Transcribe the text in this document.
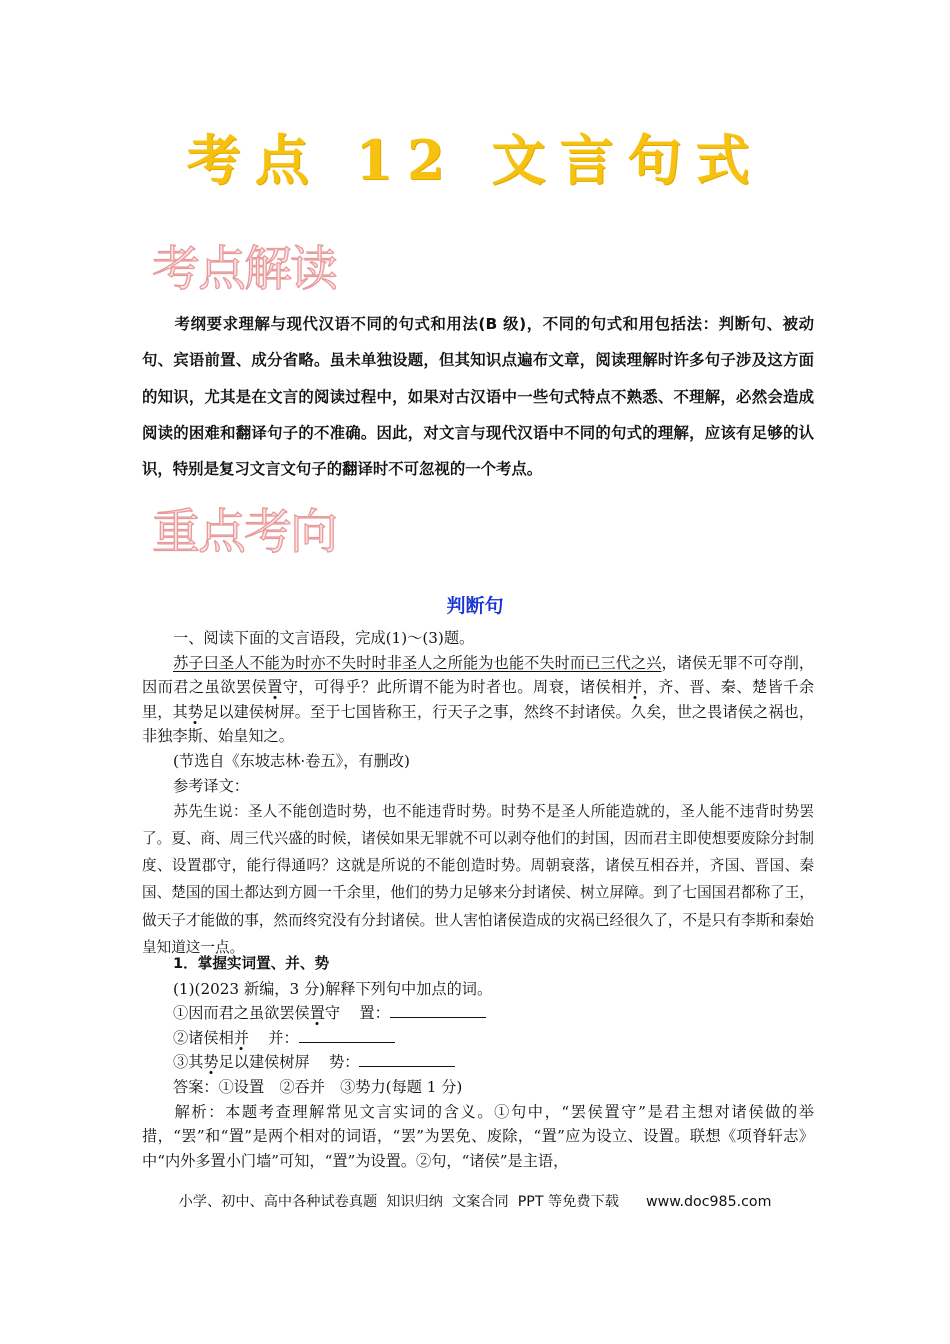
考点 12 文言句式
考点解读
考纲要求理解与现代汉语不同的句式和用法(B 级)，不同的句式和用包括法：判断句、被动句、宾语前置、成分省略。虽未单独设题，但其知识点遍布文章，阅读理解时许多句子涉及这方面的知识，尤其是在文言的阅读过程中，如果对古汉语中一些句式特点不熟悉、不理解，必然会造成阅读的困难和翻译句子的不准确。因此，对文言与现代汉语中不同的句式的理解，应该有足够的认识，特别是复习文言文句子的翻译时不可忽视的一个考点。
重点考向
判断句
一、阅读下面的文言语段，完成(1)～(3)题。
苏子曰圣人不能为时亦不失时时非圣人之所能为也能不失时而已三代之兴，诸侯无罪不可夺削，因而君之虽欲罢侯置守，可得乎？此所谓不能为时者也。周衰，诸侯相并，齐、晋、秦、楚皆千余里，其势足以建侯树屏。至于七国皆称王，行天子之事，然终不封诸侯。久矣，世之畏诸侯之祸也，非独李斯、始皇知之。
(节选自《东坡志林·卷五》，有删改)
参考译文：
苏先生说：圣人不能创造时势，也不能违背时势。时势不是圣人所能造就的，圣人能不违背时势罢了。夏、商、周三代兴盛的时候，诸侯如果无罪就不可以剥夺他们的封国，因而君主即使想要废除分封制度、设置郡守，能行得通吗？这就是所说的不能创造时势。周朝衰落，诸侯互相吞并，齐国、晋国、秦国、楚国的国土都达到方圆一千余里，他们的势力足够来分封诸侯、树立屏障。到了七国国君都称了王，做天子才能做的事，然而终究没有分封诸侯。世人害怕诸侯造成的灾祸已经很久了，不是只有李斯和秦始皇知道这一点。
1．掌握实词置、并、势
(1)(2023 新编，3 分)解释下列句中加点的词。
①因而君之虽欲罢侯置守 置：
②诸侯相并 并：
③其势足以建侯树屏 势：
答案：①设置　②吞并　③势力(每题 1 分)
解析：本题考查理解常见文言实词的含义。①句中，“罢侯置守”是君主想对诸侯做的举措，“罢”和“置”是两个相对的词语，“罢”为罢免、废除，“置”应为设立、设置。联想《项脊轩志》中“内外多置小门墙”可知，“置”为设置。②句，“诸侯”是主语，
小学、初中、高中各种试卷真题  知识归纳  文案合同  PPT 等免费下载      www.doc985.com
